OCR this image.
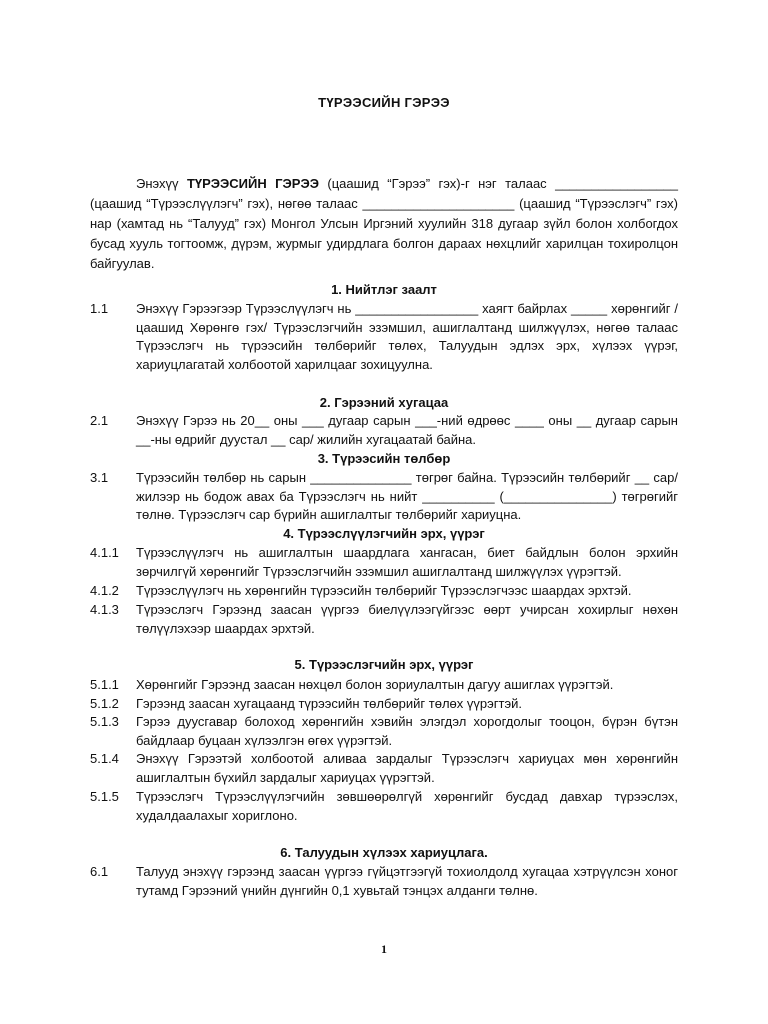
ТҮРЭЭСИЙН ГЭРЭЭ
Энэхүү ТҮРЭЭСИЙН ГЭРЭЭ (цаашид “Гэрээ” гэх)-г нэг талаас _________________ (цаашид “Түрээслүүлэгч” гэх), нөгөө талаас _____________________ (цаашид “Түрээслэгч” гэх) нар (хамтад нь “Талууд” гэх) Монгол Улсын Иргэний хуулийн 318 дугаар зүйл болон холбогдох бусад хууль тогтоомж, дүрэм, журмыг удирдлага болгон дараах нөхцлийг харилцан тохиролцон байгуулав.
1. Нийтлэг заалт
1.1	Энэхүү Гэрээгээр Түрээслүүлэгч нь _________________ хаягт байрлах _____ хөрөнгийг /цаашид Хөрөнгө гэх/ Түрээслэгчийн эзэмшил, ашиглалтанд шилжүүлэх, нөгөө талаас Түрээслэгч нь түрээсийн төлбөрийг төлөх, Талуудын эдлэх эрх, хүлээх үүрэг, хариуцлагатай холбоотой харилцааг зохицуулна.
2. Гэрээний хугацаа
2.1	Энэхүү Гэрээ нь 20__ оны ___ дугаар сарын ___-ний өдрөөс ____ оны __ дугаар сарын __-ны өдрийг дуустал __ сар/ жилийн хугацаатай байна.
3. Түрээсийн төлбөр
3.1	Түрээсийн төлбөр нь сарын ______________ төгрөг байна. Түрээсийн төлбөрийг __ сар/жилээр нь бодож авах ба Түрээслэгч нь нийт __________ (_______________) төгрөгийг төлнө. Түрээслэгч сар бүрийн ашиглалтыг төлбөрийг хариуцна.
4. Түрээслүүлэгчийн эрх, үүрэг
4.1.1	Түрээслүүлэгч нь ашиглалтын шаардлага хангасан, биет байдлын болон эрхийн зөрчилгүй хөрөнгийг Түрээслэгчийн эзэмшил ашиглалтанд шилжүүлэх үүрэгтэй.
4.1.2	Түрээслүүлэгч нь хөрөнгийн түрээсийн төлбөрийг Түрээслэгчээс шаардах эрхтэй.
4.1.3	Түрээслэгч Гэрээнд заасан үүргээ биелүүлээгүйгээс өөрт учирсан хохирлыг нөхөн төлүүлэхээр шаардах эрхтэй.
5. Түрээслэгчийн эрх, үүрэг
5.1.1	Хөрөнгийг Гэрээнд заасан нөхцөл болон зориулалтын дагуу ашиглах үүрэгтэй.
5.1.2	Гэрээнд заасан хугацаанд түрээсийн төлбөрийг төлөх үүрэгтэй.
5.1.3	Гэрээ дуусгавар болоход хөрөнгийн хэвийн элэгдэл хорогдолыг тооцон, бүрэн бүтэн байдлаар буцаан хүлээлгэн өгөх үүрэгтэй.
5.1.4	Энэхүү Гэрээтэй холбоотой аливаа зардалыг Түрээслэгч хариуцах мөн хөрөнгийн ашиглалтын бүхийл зардалыг хариуцах үүрэгтэй.
5.1.5	Түрээслэгч Түрээслүүлэгчийн зөвшөөрөлгүй хөрөнгийг бусдад давхар түрээслэх, худалдаалахыг хориглоно.
6. Талуудын хүлээх хариуцлага.
6.1	Талууд энэхүү гэрээнд заасан үүргээ гүйцэтгээгүй тохиолдолд хугацаа хэтрүүлсэн хоног тутамд Гэрээний үнийн дүнгийн 0,1 хувьтай тэнцэх алданги төлнө.
1
